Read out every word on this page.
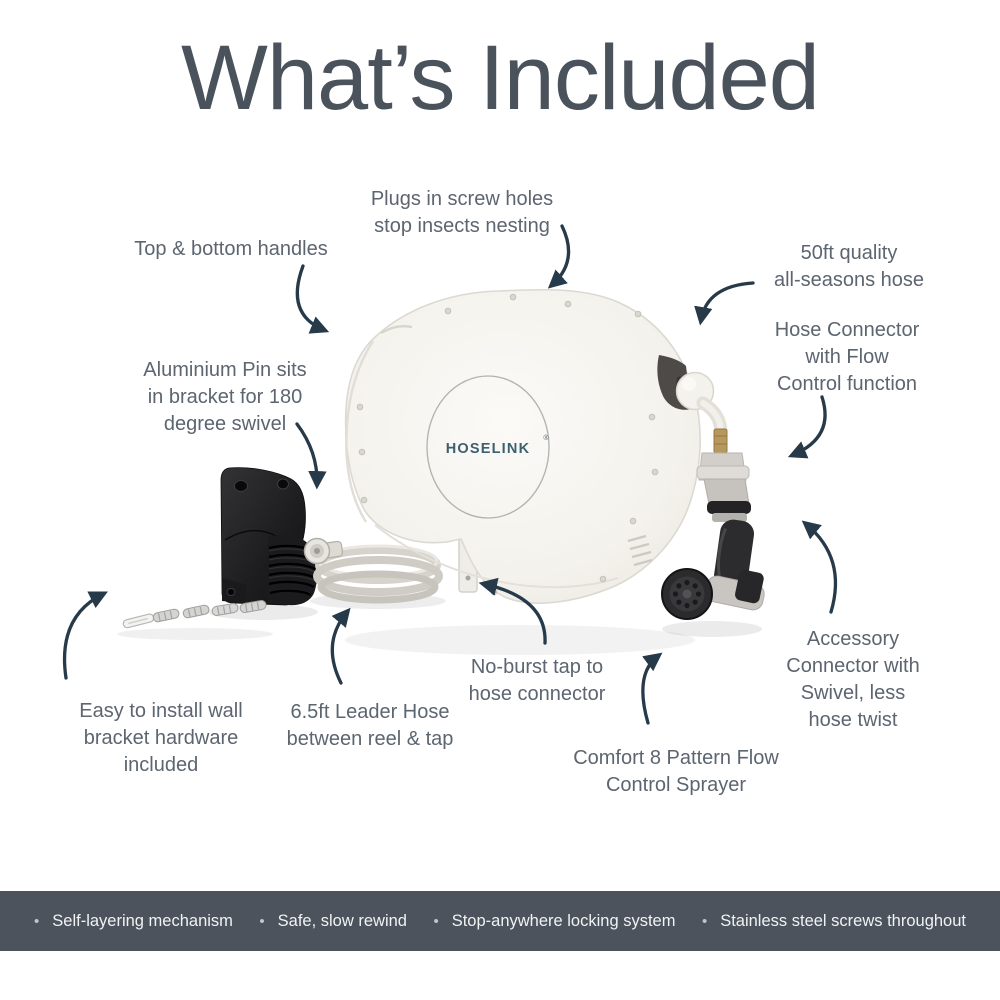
What’s Included
HOSELINK
®
Top & bottom handles
Plugs in screw holes
stop insects nesting
50ft quality
all-seasons hose
Hose Connector
with Flow
Control function
Aluminium Pin sits
in bracket for 180
degree swivel
Easy to install wall
bracket hardware
included
6.5ft Leader Hose
between reel & tap
No-burst tap to
hose connector
Comfort 8 Pattern Flow
Control Sprayer
Accessory
Connector with
Swivel, less
hose twist
• Self-layering mechanism • Safe, slow rewind • Stop-anywhere locking system • Stainless steel screws throughout
